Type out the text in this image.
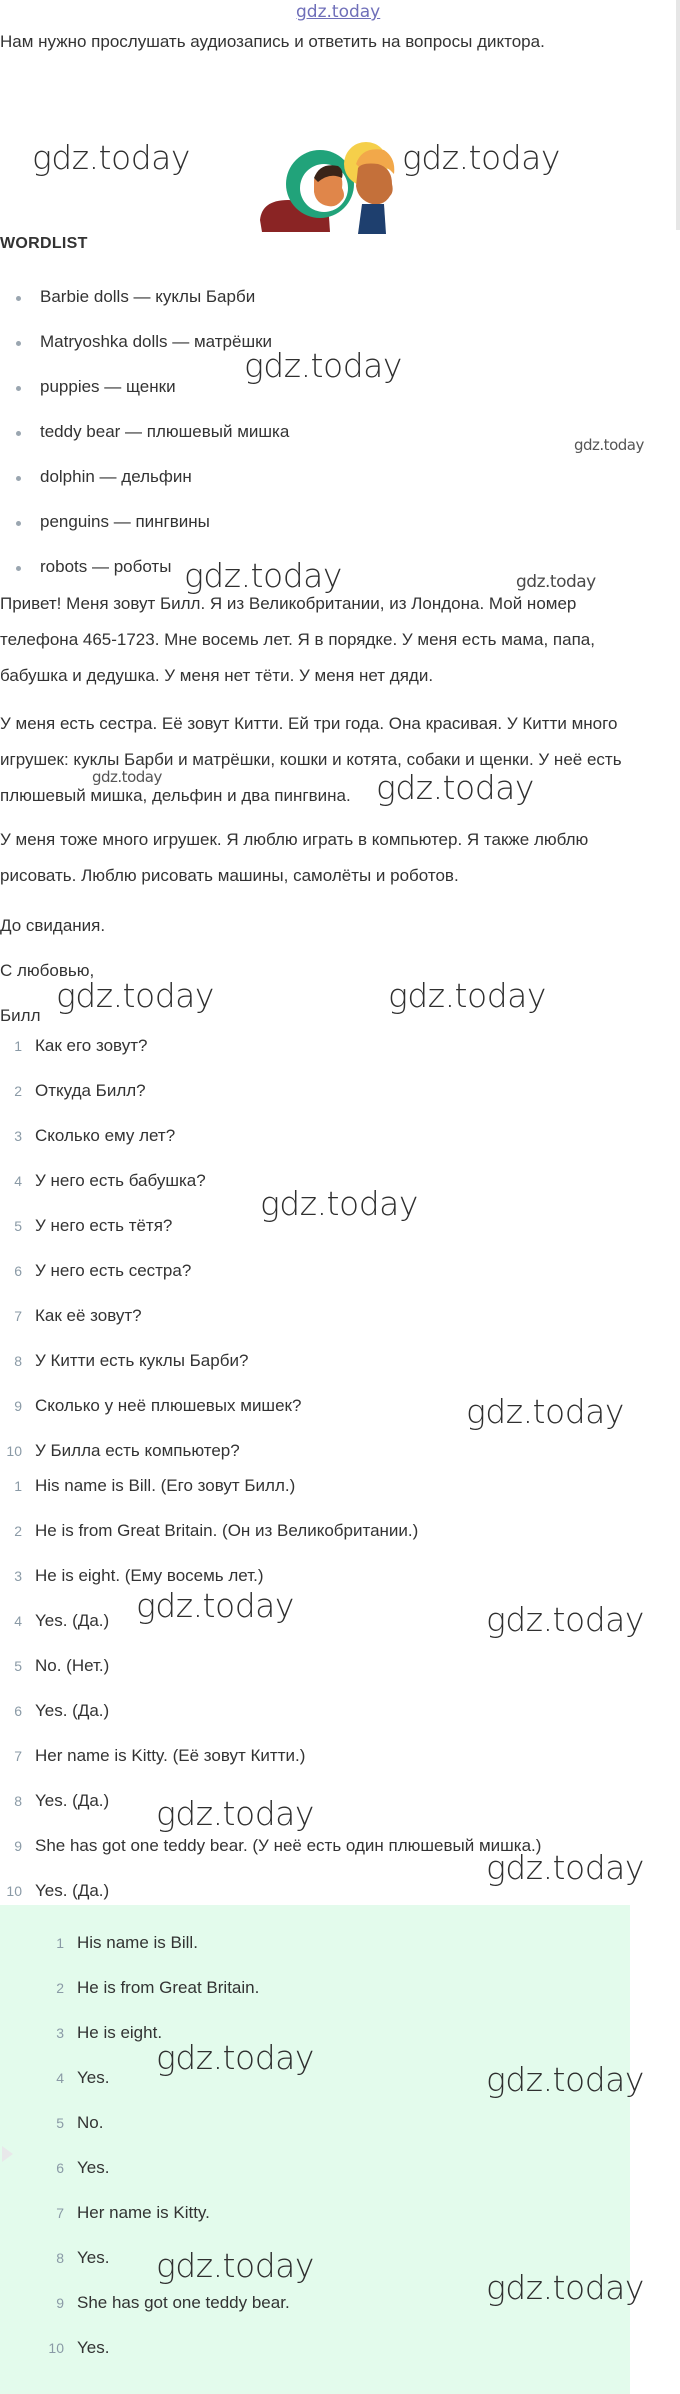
gdz.today

Нам нужно прослушать аудиозапись и ответить на вопросы диктора.

WORDLIST
Barbie dolls — куклы Барби
Matryoshka dolls — матрёшки
puppies — щенки
teddy bear — плюшевый мишка
dolphin — дельфин
penguins — пингвины
robots — роботы
Привет! Меня зовут Билл. Я из Великобритании, из Лондона. Мой номер
телефона 465-1723. Мне восемь лет. Я в порядке. У меня есть мама, папа,
бабушка и дедушка. У меня нет тёти. У меня нет дяди.
У меня есть сестра. Её зовут Китти. Ей три года. Она красивая. У Китти много
игрушек: куклы Барби и матрёшки, кошки и котята, собаки и щенки. У неё есть
плюшевый мишка, дельфин и два пингвина.
У меня тоже много игрушек. Я люблю играть в компьютер. Я также люблю
рисовать. Люблю рисовать машины, самолёты и роботов.
До свидания.
С любовью,
Билл
1 Как его зовут?
2 Откуда Билл?
3 Сколько ему лет?
4 У него есть бабушка?
5 У него есть тётя?
6 У него есть сестра?
7 Как её зовут?
8 У Китти есть куклы Барби?
9 Сколько у неё плюшевых мишек?
10 У Билла есть компьютер?
1 His name is Bill. (Его зовут Билл.)
2 He is from Great Britain. (Он из Великобритании.)
3 He is eight. (Ему восемь лет.)
4 Yes. (Да.)
5 No. (Нет.)
6 Yes. (Да.)
7 Her name is Kitty. (Её зовут Китти.)
8 Yes. (Да.)
9 She has got one teddy bear. (У неё есть один плюшевый мишка.)
10 Yes. (Да.)
1 His name is Bill.
2 He is from Great Britain.
3 He is eight.
4 Yes.
5 No.
6 Yes.
7 Her name is Kitty.
8 Yes.
9 She has got one teddy bear.
10 Yes.
gdz.today	gdz.today
gdz.today
gdz.today
gdz.today	gdz.today
gdz.today	gdz.today
gdz.today	gdz.today
gdz.today
gdz.today
gdz.today	gdz.today
gdz.today
gdz.today
gdz.today
gdz.today
gdz.today
gdz.today
